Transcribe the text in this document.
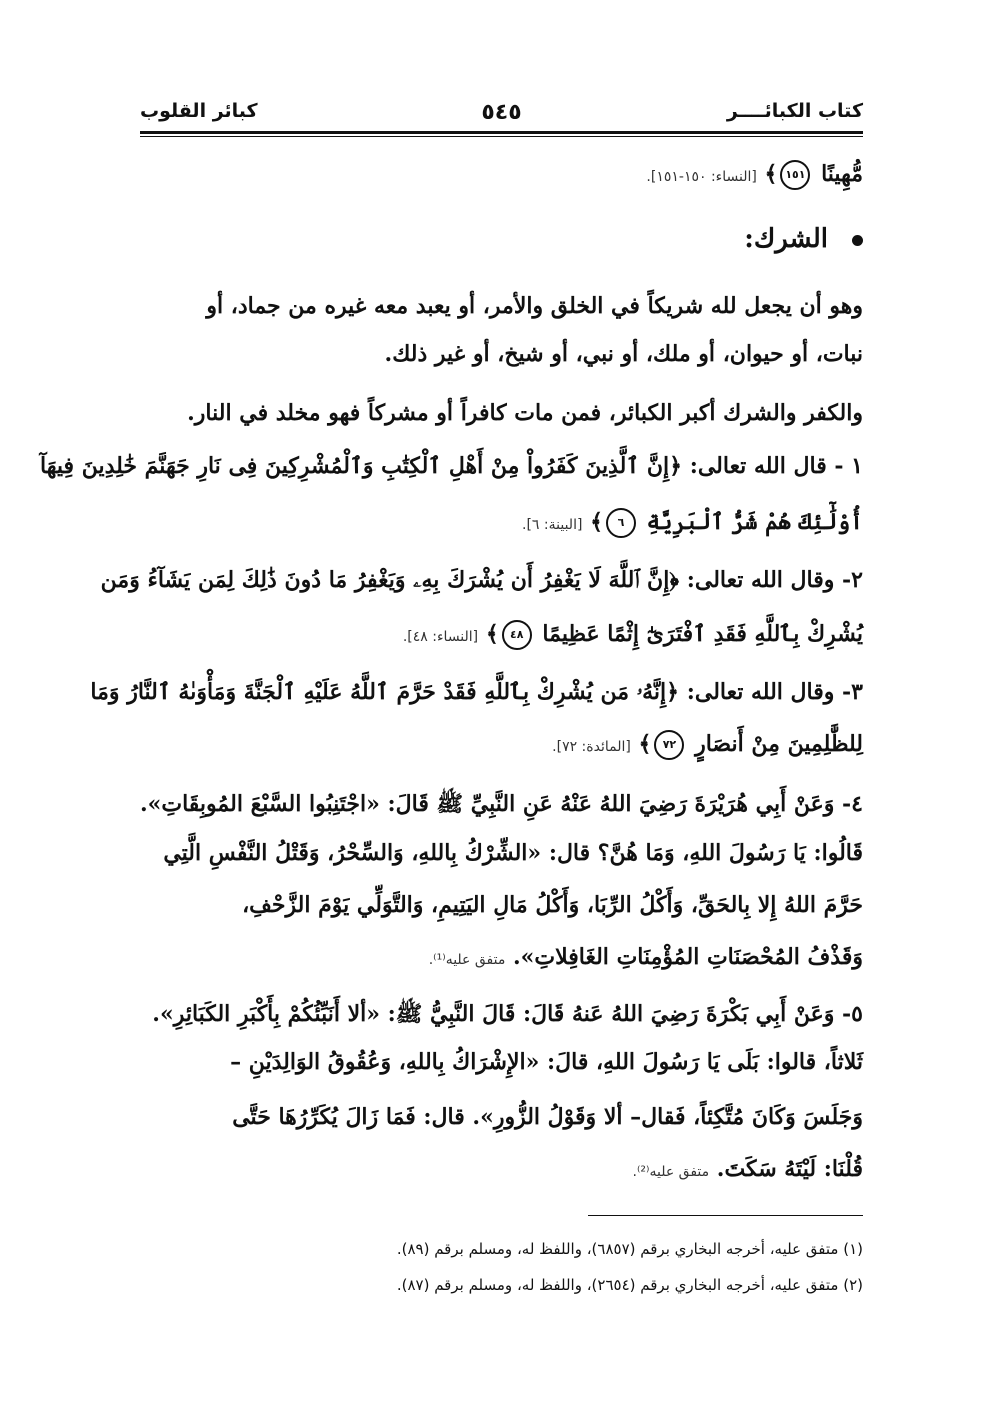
كتاب الكبائــــر
٥٤٥
كبائر القلوب
مُّهِينًا ١٥١﴾ [النساء: ١٥٠-١٥١].
الشرك:
وهو أن يجعل لله شريكاً في الخلق والأمر، أو يعبد معه غيره من جماد، أو
نبات، أو حيوان، أو ملك، أو نبي، أو شيخ، أو غير ذلك.
والكفر والشرك أكبر الكبائر، فمن مات كافراً أو مشركاً فهو مخلد في النار.
١ - قال الله تعالى: ﴿إِنَّ ٱلَّذِينَ كَفَرُواْ مِنْ أَهْلِ ٱلْكِتَٰبِ وَٱلْمُشْرِكِينَ فِى نَارِ جَهَنَّمَ خَٰلِدِينَ فِيهَآ
أُوْلَٰٓئِكَ هُمْ شَرُّ ٱلْبَرِيَّةِ ٦﴾ [البينة: ٦].
٢- وقال الله تعالى: ﴿إِنَّ ٱللَّهَ لَا يَغْفِرُ أَن يُشْرَكَ بِهِۦ وَيَغْفِرُ مَا دُونَ ذَٰلِكَ لِمَن يَشَآءُ وَمَن
يُشْرِكْ بِٱللَّهِ فَقَدِ ٱفْتَرَىٰٓ إِثْمًا عَظِيمًا ٤٨﴾ [النساء: ٤٨].
٣- وقال الله تعالى: ﴿إِنَّهُۥ مَن يُشْرِكْ بِٱللَّهِ فَقَدْ حَرَّمَ ٱللَّهُ عَلَيْهِ ٱلْجَنَّةَ وَمَأْوَىٰهُ ٱلنَّارُ وَمَا
لِلظَّٰلِمِينَ مِنْ أَنصَارٍ ٧٢﴾ [المائدة: ٧٢].
٤- وَعَنْ أَبِي هُرَيْرَةَ رَضِيَ اللهُ عَنْهُ عَنِ النَّبِيِّ ﷺ قَالَ: «اجْتَنِبُوا السَّبْعَ المُوبِقَاتِ».
قَالُوا: يَا رَسُولَ اللهِ، وَمَا هُنَّ؟ قال: «الشِّرْكُ بِاللهِ، وَالسِّحْرُ، وَقَتْلُ النَّفْسِ الَّتِي
حَرَّمَ اللهُ إِلا بِالحَقِّ، وَأَكْلُ الرِّبَا، وَأَكْلُ مَالِ اليَتِيمِ، وَالتَّوَلِّي يَوْمَ الزَّحْفِ،
وَقَذْفُ المُحْصَنَاتِ المُؤْمِنَاتِ الغَافِلاتِ». متفق عليه⁽¹⁾.
٥- وَعَنْ أَبِي بَكْرَةَ رَضِيَ اللهُ عَنهُ قَالَ: قَالَ النَّبِيُّ ﷺ: «ألا أَنَبِّئُكُمْ بِأَكْبَرِ الكَبَائِرِ».
ثَلاثاً، قالوا: بَلَى يَا رَسُولَ اللهِ، قالَ: «الإِشْرَاكُ بِاللهِ، وَعُقُوقُ الوَالِدَيْنِ –
وَجَلَسَ وَكَانَ مُتَّكِئاً، فَقال– ألا وَقَوْلُ الزُّورِ». قال: فَمَا زَالَ يُكَرِّرُهَا حَتَّى
قُلْنَا: لَيْتَهُ سَكَتَ. متفق عليه⁽²⁾.
(١) متفق عليه، أخرجه البخاري برقم (٦٨٥٧)، واللفظ له، ومسلم برقم (٨٩).
(٢) متفق عليه، أخرجه البخاري برقم (٢٦٥٤)، واللفظ له، ومسلم برقم (٨٧).
